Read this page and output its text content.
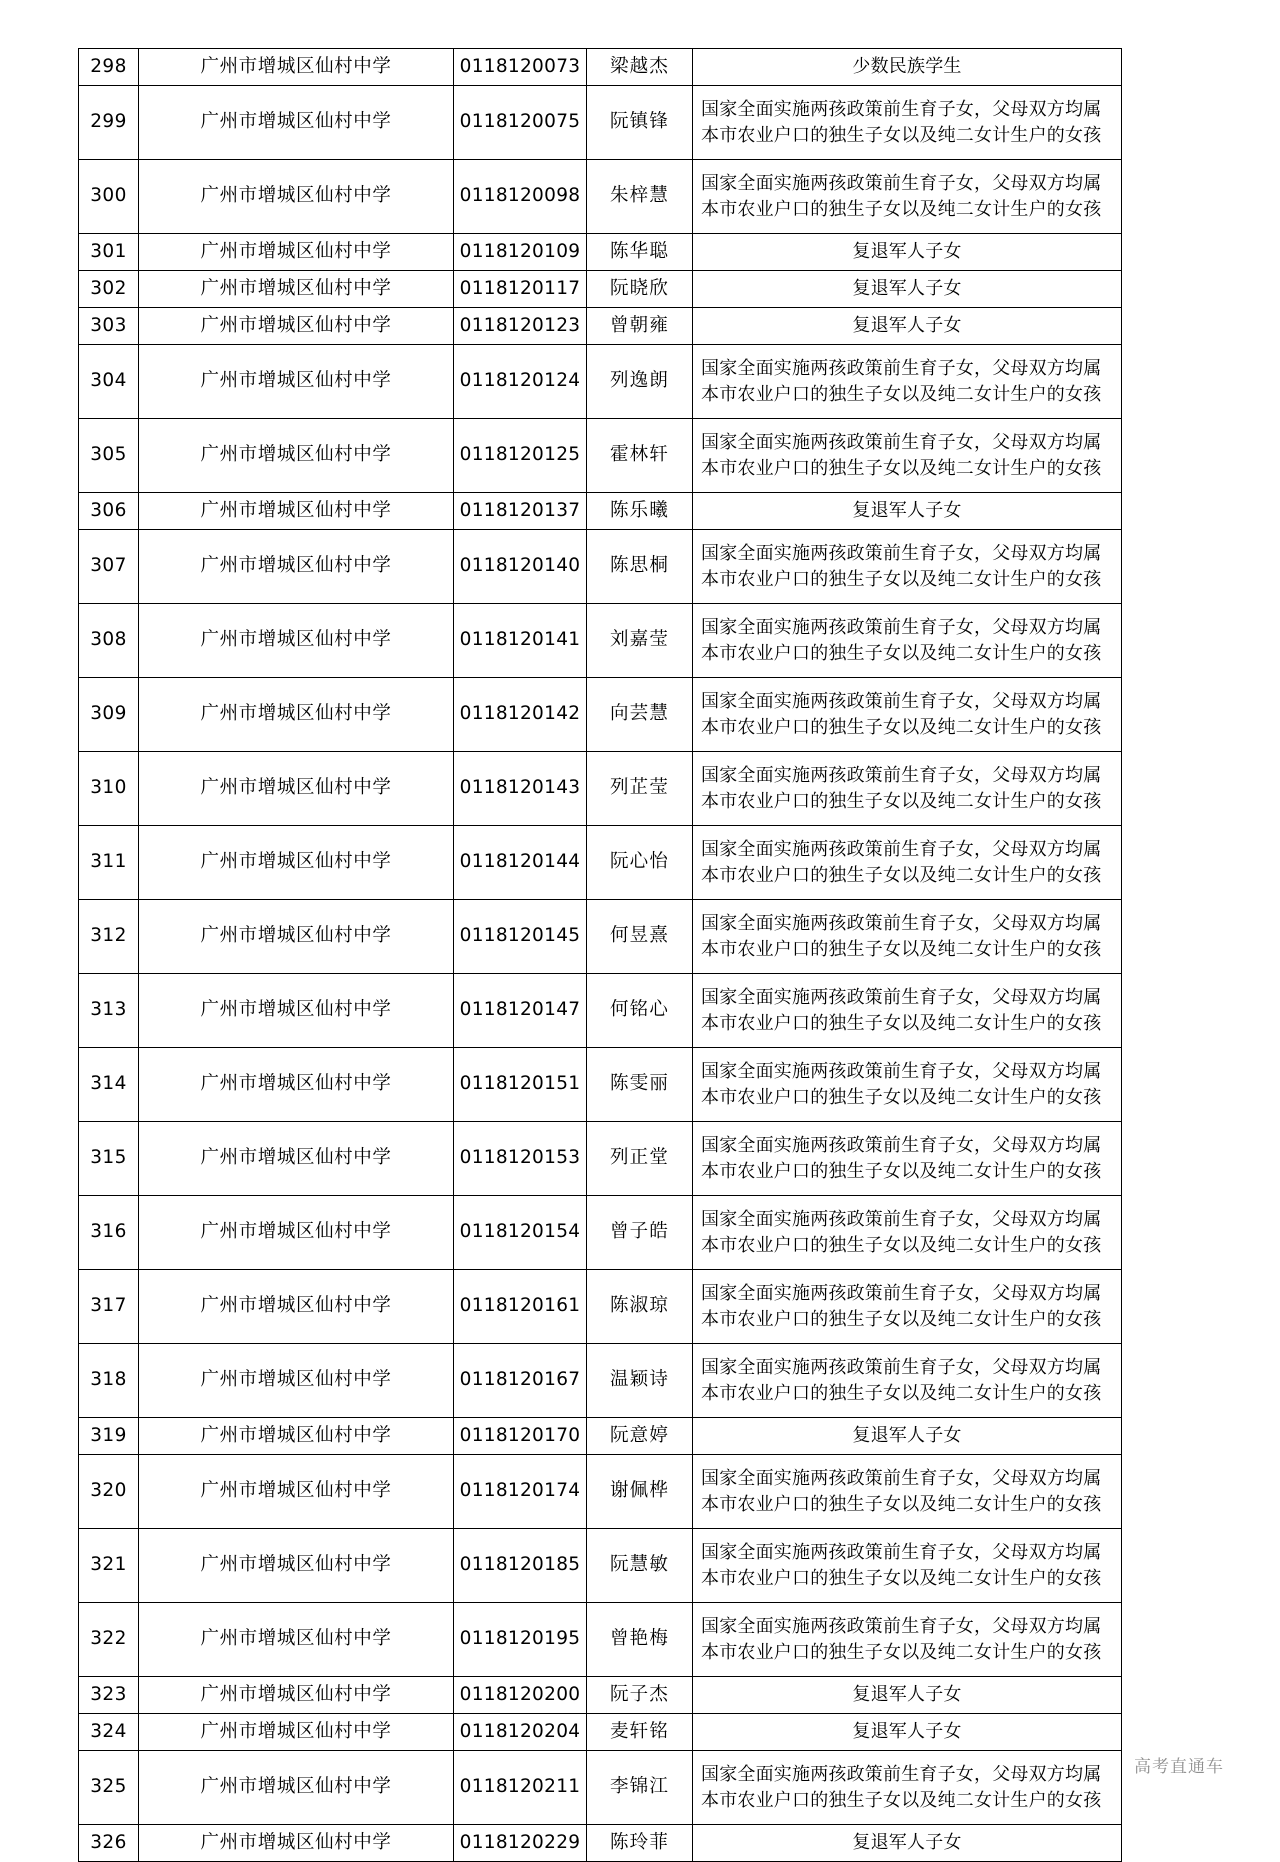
298	广州市增城区仙村中学	0118120073	梁越杰	少数民族学生
299	广州市增城区仙村中学	0118120075	阮镇锋	国家全面实施两孩政策前生育子女，父母双方均属
本市农业户口的独生子女以及纯二女计生户的女孩

300	广州市增城区仙村中学	0118120098	朱梓慧	国家全面实施两孩政策前生育子女，父母双方均属
本市农业户口的独生子女以及纯二女计生户的女孩

301	广州市增城区仙村中学	0118120109	陈华聪	复退军人子女
302	广州市增城区仙村中学	0118120117	阮晓欣	复退军人子女
303	广州市增城区仙村中学	0118120123	曾朝雍	复退军人子女
304	广州市增城区仙村中学	0118120124	列逸朗	国家全面实施两孩政策前生育子女，父母双方均属
本市农业户口的独生子女以及纯二女计生户的女孩

305	广州市增城区仙村中学	0118120125	霍林轩	国家全面实施两孩政策前生育子女，父母双方均属
本市农业户口的独生子女以及纯二女计生户的女孩

306	广州市增城区仙村中学	0118120137	陈乐曦	复退军人子女
307	广州市增城区仙村中学	0118120140	陈思桐	国家全面实施两孩政策前生育子女，父母双方均属
本市农业户口的独生子女以及纯二女计生户的女孩

308	广州市增城区仙村中学	0118120141	刘嘉莹	国家全面实施两孩政策前生育子女，父母双方均属
本市农业户口的独生子女以及纯二女计生户的女孩

309	广州市增城区仙村中学	0118120142	向芸慧	国家全面实施两孩政策前生育子女，父母双方均属
本市农业户口的独生子女以及纯二女计生户的女孩

310	广州市增城区仙村中学	0118120143	列芷莹	国家全面实施两孩政策前生育子女，父母双方均属
本市农业户口的独生子女以及纯二女计生户的女孩

311	广州市增城区仙村中学	0118120144	阮心怡	国家全面实施两孩政策前生育子女，父母双方均属
本市农业户口的独生子女以及纯二女计生户的女孩

312	广州市增城区仙村中学	0118120145	何昱熹	国家全面实施两孩政策前生育子女，父母双方均属
本市农业户口的独生子女以及纯二女计生户的女孩

313	广州市增城区仙村中学	0118120147	何铭心	国家全面实施两孩政策前生育子女，父母双方均属
本市农业户口的独生子女以及纯二女计生户的女孩

314	广州市增城区仙村中学	0118120151	陈雯丽	国家全面实施两孩政策前生育子女，父母双方均属
本市农业户口的独生子女以及纯二女计生户的女孩

315	广州市增城区仙村中学	0118120153	列正堂	国家全面实施两孩政策前生育子女，父母双方均属
本市农业户口的独生子女以及纯二女计生户的女孩

316	广州市增城区仙村中学	0118120154	曾子皓	国家全面实施两孩政策前生育子女，父母双方均属
本市农业户口的独生子女以及纯二女计生户的女孩

317	广州市增城区仙村中学	0118120161	陈淑琼	国家全面实施两孩政策前生育子女，父母双方均属
本市农业户口的独生子女以及纯二女计生户的女孩

318	广州市增城区仙村中学	0118120167	温颖诗	国家全面实施两孩政策前生育子女，父母双方均属
本市农业户口的独生子女以及纯二女计生户的女孩

319	广州市增城区仙村中学	0118120170	阮意婷	复退军人子女
320	广州市增城区仙村中学	0118120174	谢佩桦	国家全面实施两孩政策前生育子女，父母双方均属
本市农业户口的独生子女以及纯二女计生户的女孩

321	广州市增城区仙村中学	0118120185	阮慧敏	国家全面实施两孩政策前生育子女，父母双方均属
本市农业户口的独生子女以及纯二女计生户的女孩

322	广州市增城区仙村中学	0118120195	曾艳梅	国家全面实施两孩政策前生育子女，父母双方均属
本市农业户口的独生子女以及纯二女计生户的女孩

323	广州市增城区仙村中学	0118120200	阮子杰	复退军人子女
324	广州市增城区仙村中学	0118120204	麦轩铭	复退军人子女
325	广州市增城区仙村中学	0118120211	李锦江	国家全面实施两孩政策前生育子女，父母双方均属
本市农业户口的独生子女以及纯二女计生户的女孩

326	广州市增城区仙村中学	0118120229	陈玲菲	复退军人子女
高考直通车
